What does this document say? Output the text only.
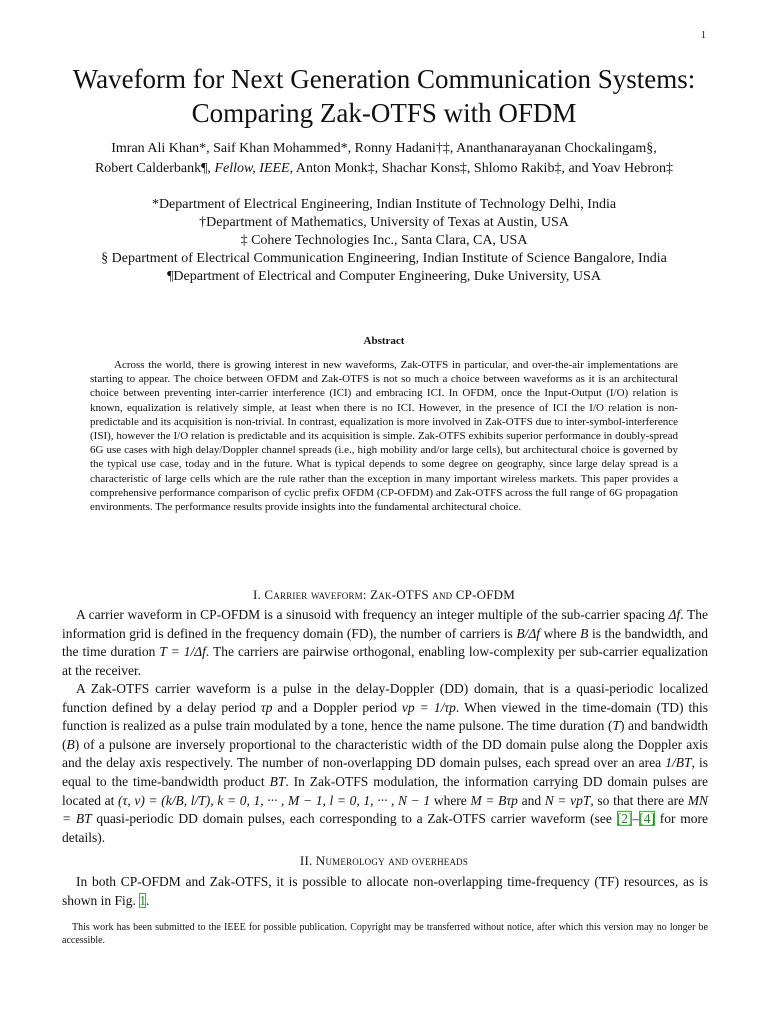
1
Waveform for Next Generation Communication Systems: Comparing Zak-OTFS with OFDM
Imran Ali Khan*, Saif Khan Mohammed*, Ronny Hadani†‡, Ananthanarayanan Chockalingam§,
Robert Calderbank¶, Fellow, IEEE, Anton Monk‡, Shachar Kons‡, Shlomo Rakib‡, and Yoav Hebron‡
*Department of Electrical Engineering, Indian Institute of Technology Delhi, India
†Department of Mathematics, University of Texas at Austin, USA
‡ Cohere Technologies Inc., Santa Clara, CA, USA
§ Department of Electrical Communication Engineering, Indian Institute of Science Bangalore, India
¶Department of Electrical and Computer Engineering, Duke University, USA
Abstract

Across the world, there is growing interest in new waveforms, Zak-OTFS in particular, and over-the-air implementations are starting to appear. The choice between OFDM and Zak-OTFS is not so much a choice between waveforms as it is an architectural choice between preventing inter-carrier interference (ICI) and embracing ICI. In OFDM, once the Input-Output (I/O) relation is known, equalization is relatively simple, at least when there is no ICI. However, in the presence of ICI the I/O relation is non-predictable and its acquisition is non-trivial. In contrast, equalization is more involved in Zak-OTFS due to inter-symbol-interference (ISI), however the I/O relation is predictable and its acquisition is simple. Zak-OTFS exhibits superior performance in doubly-spread 6G use cases with high delay/Doppler channel spreads (i.e., high mobility and/or large cells), but architectural choice is governed by the typical use case, today and in the future. What is typical depends to some degree on geography, since large delay spread is a characteristic of large cells which are the rule rather than the exception in many important wireless markets. This paper provides a comprehensive performance comparison of cyclic prefix OFDM (CP-OFDM) and Zak-OTFS across the full range of 6G propagation environments. The performance results provide insights into the fundamental architectural choice.

I. Carrier waveform: Zak-OTFS and CP-OFDM

A carrier waveform in CP-OFDM is a sinusoid with frequency an integer multiple of the sub-carrier spacing Δf. The information grid is defined in the frequency domain (FD), the number of carriers is B/Δf where B is the bandwidth, and the time duration T = 1/Δf. The carriers are pairwise orthogonal, enabling low-complexity per sub-carrier equalization at the receiver.

A Zak-OTFS carrier waveform is a pulse in the delay-Doppler (DD) domain, that is a quasi-periodic localized function defined by a delay period τp and a Doppler period νp = 1/τp. When viewed in the time-domain (TD) this function is realized as a pulse train modulated by a tone, hence the name pulsone. The time duration (T) and bandwidth (B) of a pulsone are inversely proportional to the characteristic width of the DD domain pulse along the Doppler axis and the delay axis respectively. The number of non-overlapping DD domain pulses, each spread over an area 1/BT, is equal to the time-bandwidth product BT. In Zak-OTFS modulation, the information carrying DD domain pulses are located at (τ, ν) = (k/B, l/T), k = 0, 1, ··· , M − 1, l = 0, 1, ··· , N − 1 where M = Bτp and N = νpT, so that there are MN = BT quasi-periodic DD domain pulses, each corresponding to a Zak-OTFS carrier waveform (see [2]–[4] for more details).

II. Numerology and overheads

In both CP-OFDM and Zak-OTFS, it is possible to allocate non-overlapping time-frequency (TF) resources, as is shown in Fig. 1.

This work has been submitted to the IEEE for possible publication. Copyright may be transferred without notice, after which this version may no longer be accessible.
